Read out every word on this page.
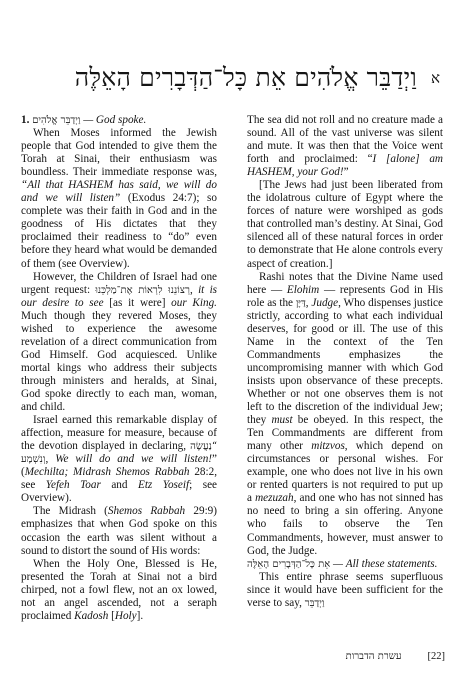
וַיְדַבֵּר אֱלֹהִים אֵת כָּל־הַדְּבָרִים הָאֵלֶּה א

1. וַיְדַבֵּר אֱלֹהִים — God spoke.

When Moses informed the Jewish people that God intended to give them the Torah at Sinai, their enthusiasm was boundless. Their immediate response was, “All that HASHEM has said, we will do and we will listen” (Exodus 24:7); so complete was their faith in God and in the goodness of His dictates that they proclaimed their readiness to “do” even before they heard what would be demanded of them (see Overview).

However, the Children of Israel had one urgent request: רְצוֹנֵנוּ לִרְאוֹת אֶת־מַלְכֵּנוּ, it is our desire to see [as it were] our King. Much though they revered Moses, they wished to experience the awesome revelation of a direct communication from God Himself. God acquiesced. Unlike mortal kings who address their subjects through ministers and heralds, at Sinai, God spoke directly to each man, woman, and child.

Israel earned this remarkable display of affection, measure for measure, because of the devotion displayed in declaring, “נַעֲשֶׂה וְנִשְׁמָע, We will do and we will listen!” (Mechilta; Midrash Shemos Rabbah 28:2, see Yefeh Toar and Etz Yoseif; see Overview).

The Midrash (Shemos Rabbah 29:9) emphasizes that when God spoke on this occasion the earth was silent without a sound to distort the sound of His words:

When the Holy One, Blessed is He, presented the Torah at Sinai not a bird chirped, not a fowl flew, not an ox lowed, not an angel ascended, not a seraph proclaimed Kadosh [Holy].

The sea did not roll and no creature made a sound. All of the vast universe was silent and mute. It was then that the Voice went forth and proclaimed: “I [alone] am HASHEM, your God!”

[The Jews had just been liberated from the idolatrous culture of Egypt where the forces of nature were worshiped as gods that controlled man’s destiny. At Sinai, God silenced all of these natural forces in order to demonstrate that He alone controls every aspect of creation.]

Rashi notes that the Divine Name used here — Elohim — represents God in His role as the דַּיָּן, Judge, Who dispenses justice strictly, according to what each individual deserves, for good or ill. The use of this Name in the context of the Ten Commandments emphasizes the uncompromising manner with which God insists upon observance of these precepts. Whether or not one observes them is not left to the discretion of the individual Jew; they must be obeyed. In this respect, the Ten Commandments are different from many other mitzvos, which depend on circumstances or personal wishes. For example, one who does not live in his own or rented quarters is not required to put up a mezuzah, and one who has not sinned has no need to bring a sin offering. Anyone who fails to observe the Ten Commandments, however, must answer to God, the Judge.

אֵת כָּל־הַדְּבָרִים הָאֵלֶּה — All these statements.

This entire phrase seems superfluous since it would have been sufficient for the verse to say, וַיְדַבֵּר

עשרת הדברות [22]
